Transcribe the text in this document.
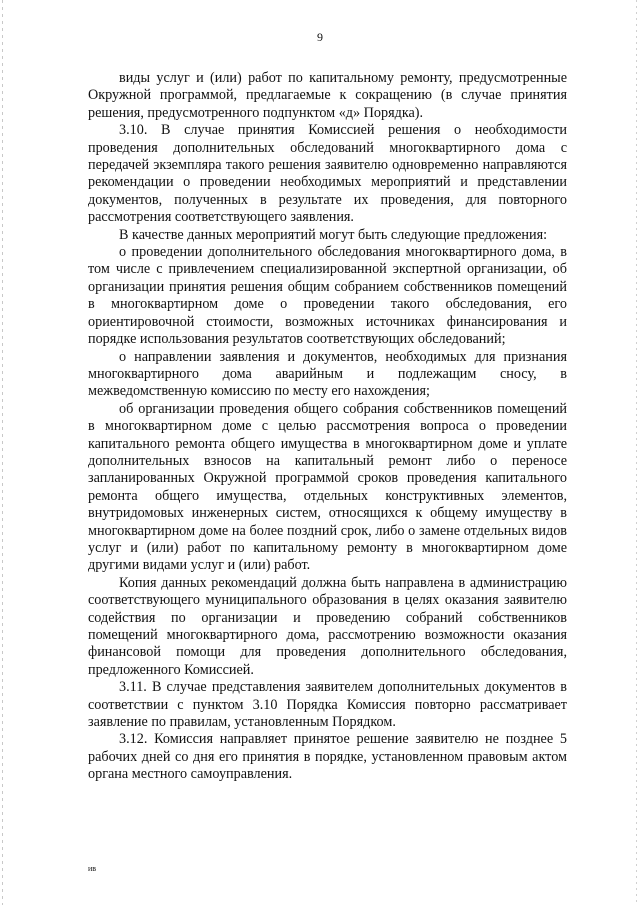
9

виды услуг и (или) работ по капитальному ремонту, предусмотренные Окружной программой, предлагаемые к сокращению (в случае принятия решения, предусмотренного подпунктом «д» Порядка).

3.10. В случае принятия Комиссией решения о необходимости проведения дополнительных обследований многоквартирного дома с передачей экземпляра такого решения заявителю одновременно направляются рекомендации о проведении необходимых мероприятий и представлении документов, полученных в результате их проведения, для повторного рассмотрения соответствующего заявления.

В качестве данных мероприятий могут быть следующие предложения:

о проведении дополнительного обследования многоквартирного дома, в том числе с привлечением специализированной экспертной организации, об организации принятия решения общим собранием собственников помещений в многоквартирном доме о проведении такого обследования, его ориентировочной стоимости, возможных источниках финансирования и порядке использования результатов соответствующих обследований;

о направлении заявления и документов, необходимых для признания многоквартирного дома аварийным и подлежащим сносу, в межведомственную комиссию по месту его нахождения;

об организации проведения общего собрания собственников помещений в многоквартирном доме с целью рассмотрения вопроса о проведении капитального ремонта общего имущества в многоквартирном доме и уплате дополнительных взносов на капитальный ремонт либо о переносе запланированных Окружной программой сроков проведения капитального ремонта общего имущества, отдельных конструктивных элементов, внутридомовых инженерных систем, относящихся к общему имуществу в многоквартирном доме на более поздний срок, либо о замене отдельных видов услуг и (или) работ по капитальному ремонту в многоквартирном доме другими видами услуг и (или) работ.

Копия данных рекомендаций должна быть направлена в администрацию соответствующего муниципального образования в целях оказания заявителю содействия по организации и проведению собраний собственников помещений многоквартирного дома, рассмотрению возможности оказания финансовой помощи для проведения дополнительного обследования, предложенного Комиссией.

3.11. В случае представления заявителем дополнительных документов в соответствии с пунктом 3.10 Порядка Комиссия повторно рассматривает заявление по правилам, установленным Порядком.

3.12. Комиссия направляет принятое решение заявителю не позднее 5 рабочих дней со дня его принятия в порядке, установленном правовым актом органа местного самоуправления.

ив
